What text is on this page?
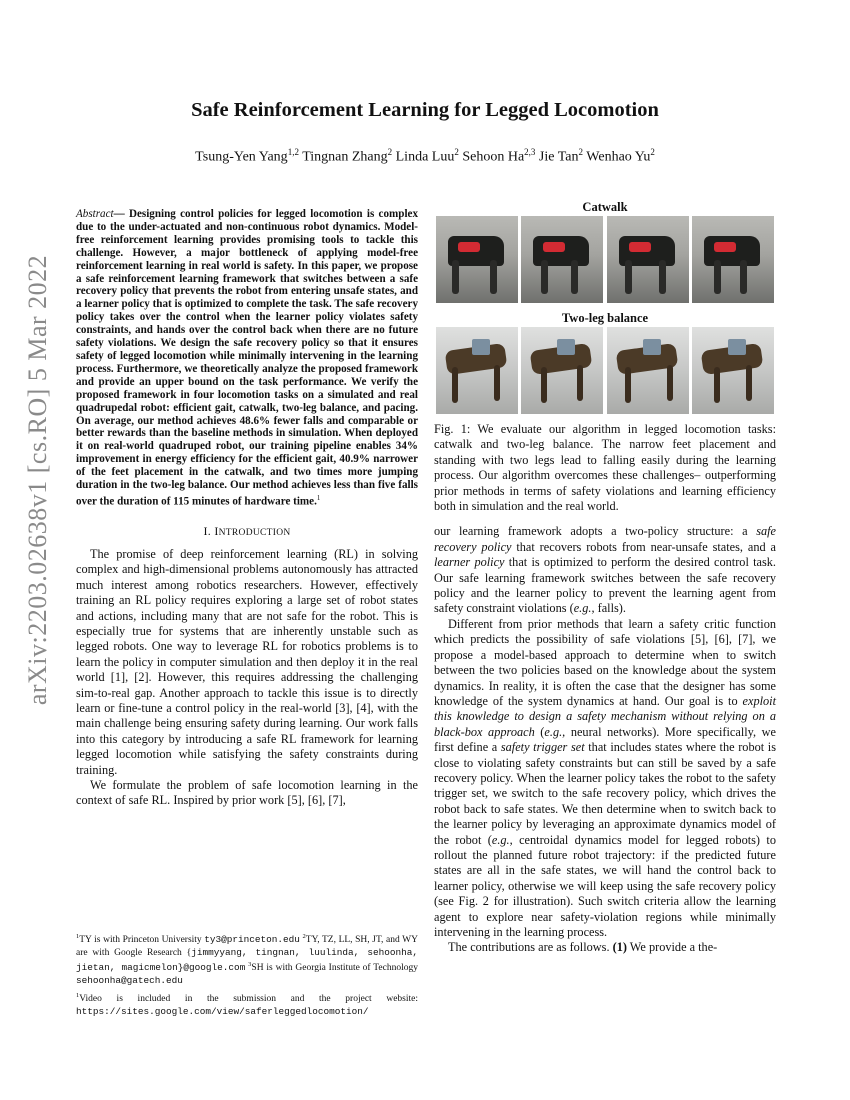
arXiv:2203.02638v1 [cs.RO] 5 Mar 2022
Safe Reinforcement Learning for Legged Locomotion
Tsung-Yen Yang$^{1,2}$ Tingnan Zhang$^2$ Linda Luu$^2$ Sehoon Ha$^{2,3}$ Jie Tan$^2$ Wenhao Yu$^2$
Abstract— Designing control policies for legged locomotion is complex due to the under-actuated and non-continuous robot dynamics. Model-free reinforcement learning provides promising tools to tackle this challenge. However, a major bottleneck of applying model-free reinforcement learning in real world is safety. In this paper, we propose a safe reinforcement learning framework that switches between a safe recovery policy that prevents the robot from entering unsafe states, and a learner policy that is optimized to complete the task. The safe recovery policy takes over the control when the learner policy violates safety constraints, and hands over the control back when there are no future safety violations. We design the safe recovery policy so that it ensures safety of legged locomotion while minimally intervening in the learning process. Furthermore, we theoretically analyze the proposed framework and provide an upper bound on the task performance. We verify the proposed framework in four locomotion tasks on a simulated and real quadrupedal robot: efficient gait, catwalk, two-leg balance, and pacing. On average, our method achieves 48.6% fewer falls and comparable or better rewards than the baseline methods in simulation. When deployed it on real-world quadruped robot, our training pipeline enables 34% improvement in energy efficiency for the efficient gait, 40.9% narrower of the feet placement in the catwalk, and two times more jumping duration in the two-leg balance. Our method achieves less than five falls over the duration of 115 minutes of hardware time.$^1$
I. INTRODUCTION

The promise of deep reinforcement learning (RL) in solving complex and high-dimensional problems autonomously has attracted much interest among robotics researchers. However, effectively training an RL policy requires exploring a large set of robot states and actions, including many that are not safe for the robot. This is especially true for systems that are inherently unstable such as legged robots. One way to leverage RL for robotics problems is to learn the policy in computer simulation and then deploy it in the real world [1], [2]. However, this requires addressing the challenging sim-to-real gap. Another approach to tackle this issue is to directly learn or fine-tune a control policy in the real-world [3], [4], with the main challenge being ensuring safety during learning. Our work falls into this category by introducing a safe RL framework for learning legged locomotion while satisfying the safety constraints during training.

We formulate the problem of safe locomotion learning in the context of safe RL. Inspired by prior work [5], [6], [7],

$^1$TY is with Princeton University ty3@princeton.edu $^2$TY, TZ, LL, SH, JT, and WY are with Google Research {jimmyyang, tingnan, luulinda, sehoonha, jietan, magicmelon}@google.com $^3$SH is with Georgia Institute of Technology sehoonha@gatech.edu

$^1$Video is included in the submission and the project website: https://sites.google.com/view/saferleggedlocomotion/

Catwalk
Two-leg balance
Fig. 1: We evaluate our algorithm in legged locomotion tasks: catwalk and two-leg balance. The narrow feet placement and standing with two legs lead to falling easily during the learning process. Our algorithm overcomes these challenges– outperforming prior methods in terms of safety violations and learning efficiency both in simulation and the real world.

our learning framework adopts a two-policy structure: a safe recovery policy that recovers robots from near-unsafe states, and a learner policy that is optimized to perform the desired control task. Our safe learning framework switches between the safe recovery policy and the learner policy to prevent the learning agent from safety constraint violations (e.g., falls).

Different from prior methods that learn a safety critic function which predicts the possibility of safe violations [5], [6], [7], we propose a model-based approach to determine when to switch between the two policies based on the knowledge about the system dynamics. In reality, it is often the case that the designer has some knowledge of the system dynamics at hand. Our goal is to exploit this knowledge to design a safety mechanism without relying on a black-box approach (e.g., neural networks). More specifically, we first define a safety trigger set that includes states where the robot is close to violating safety constraints but can still be saved by a safe recovery policy. When the learner policy takes the robot to the safety trigger set, we switch to the safe recovery policy, which drives the robot back to safe states. We then determine when to switch back to the learner policy by leveraging an approximate dynamics model of the robot (e.g., centroidal dynamics model for legged robots) to rollout the planned future robot trajectory: if the predicted future states are all in the safe states, we will hand the control back to learner policy, otherwise we will keep using the safe recovery policy (see Fig. 2 for illustration). Such switch criteria allow the learning agent to explore near safety-violation regions while minimally intervening in the learning process.

The contributions are as follows. (1) We provide a the-
